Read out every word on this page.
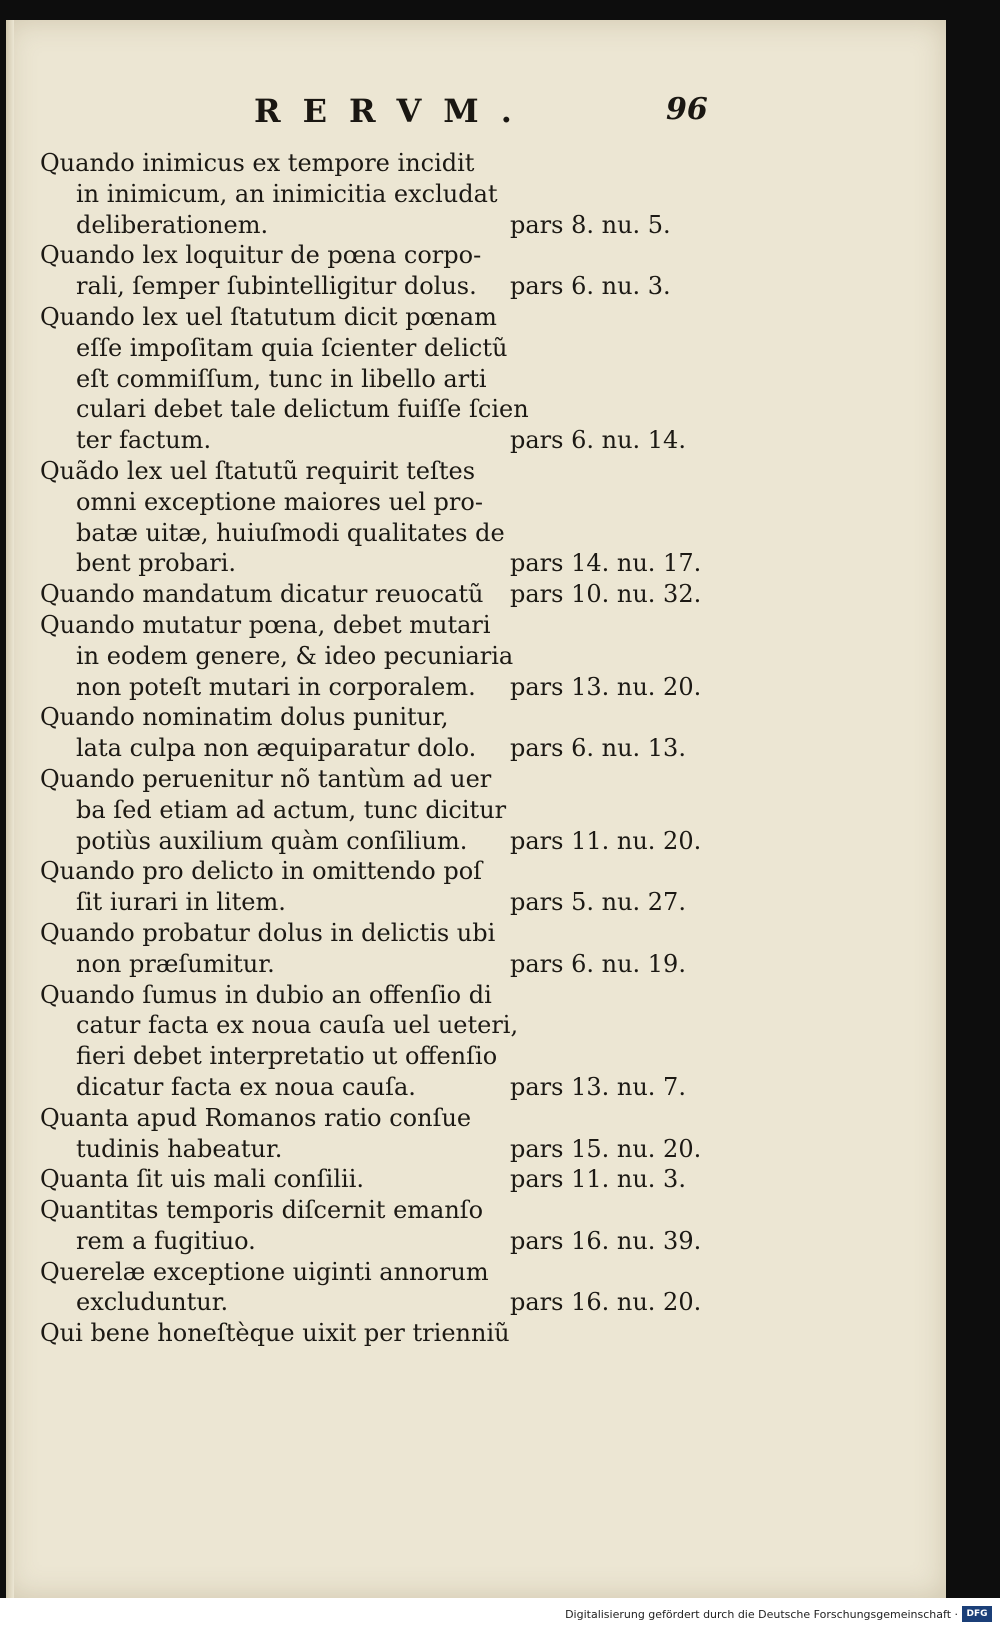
RERVM.	96
Quando inimicus ex tempore incidit
in inimicum, an inimicitia excludat
deliberationem.	pars 8. nu. 5.
Quando lex loquitur de pœna corpo-
rali, ſemper ſubintelligitur dolus. pars 6. nu. 3.
Quando lex uel ſtatutum dicit pœnam
eſſe impoſitam quia ſcienter delictũ
eſt commiſſum, tunc in libello arti
culari debet tale delictum fuiſſe ſcien
ter factum.	pars 6. nu. 14.
Quãdo lex uel ſtatutũ requirit teſtes
omni exceptione maiores uel pro-
batæ uitæ, huiuſmodi qualitates de
bent probari.	pars 14. nu. 17.
Quando mandatum dicatur reuocatũ pars 10. nu. 32.
Quando mutatur pœna, debet mutari
in eodem genere, & ideo pecuniaria
non poteſt mutari in corporalem. pars 13. nu. 20.
Quando nominatim dolus punitur,
lata culpa non æquiparatur dolo. pars 6. nu. 13.
Quando peruenitur nõ tantùm ad uer
ba ſed etiam ad actum, tunc dicitur
potiùs auxilium quàm conſilium. pars 11. nu. 20.
Quando pro delicto in omittendo poſ
ſit iurari in litem.	pars 5. nu. 27.
Quando probatur dolus in delictis ubi
non præſumitur.	pars 6. nu. 19.
Quando ſumus in dubio an offenſio di
catur facta ex noua cauſa uel ueteri,
fieri debet interpretatio ut offenſio
dicatur facta ex noua cauſa.	pars 13. nu. 7.
Quanta apud Romanos ratio conſue
tudinis habeatur.	pars 15. nu. 20.
Quanta ſit uis mali conſilii.	pars 11. nu. 3.
Quantitas temporis diſcernit emanſo
rem a fugitiuo.	pars 16. nu. 39.
Querelæ exceptione uiginti annorum
excluduntur.	pars 16. nu. 20.
Qui bene honeſtèque uixit per trienniũ
Digitalisierung gefördert durch die Deutsche Forschungsgemeinschaft · DFG
